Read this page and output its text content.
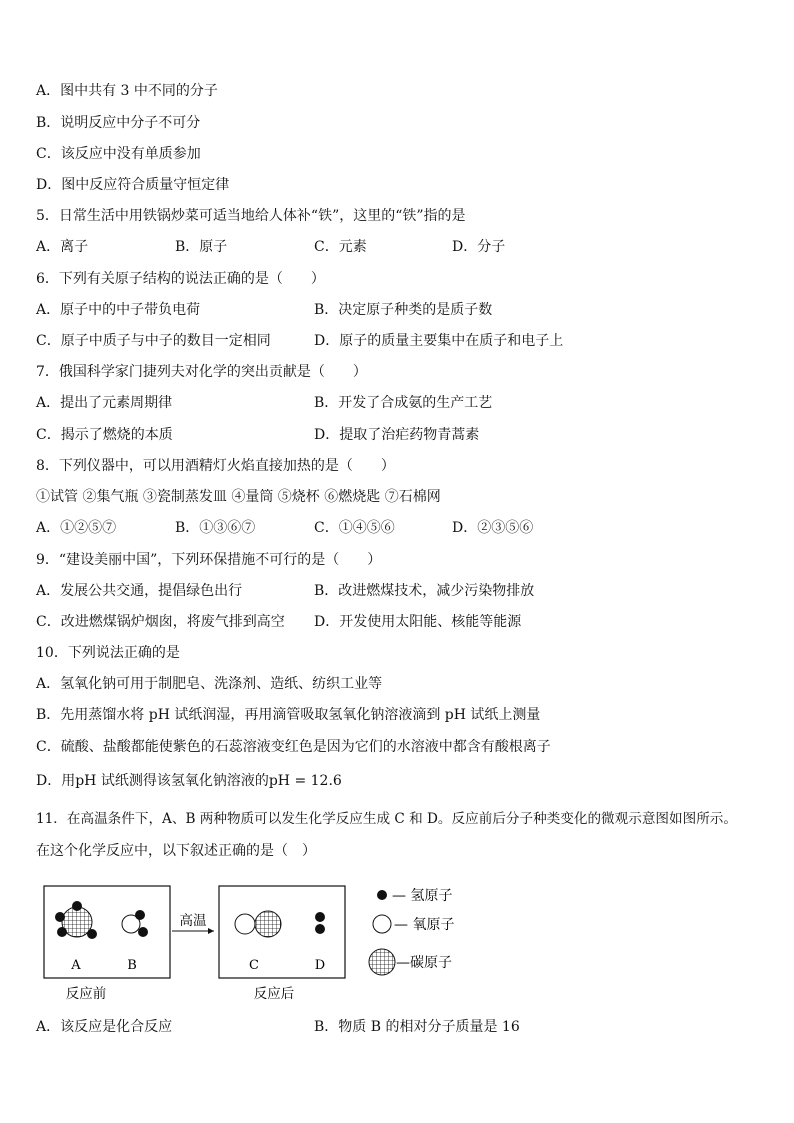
A．图中共有 3 中不同的分子
B．说明反应中分子不可分
C．该反应中没有单质参加
D．图中反应符合质量守恒定律
5．日常生活中用铁锅炒菜可适当地给人体补“铁”，这里的“铁”指的是
A．离子	B．原子	C．元素	D．分子
6．下列有关原子结构的说法正确的是（　　）
A．原子中的中子带负电荷	B．决定原子种类的是质子数
C．原子中质子与中子的数目一定相同	D．原子的质量主要集中在质子和电子上
7．俄国科学家门捷列夫对化学的突出贡献是（　　）
A．提出了元素周期律	B．开发了合成氨的生产工艺
C．揭示了燃烧的本质	D．提取了治疟药物青蒿素
8．下列仪器中，可以用酒精灯火焰直接加热的是（　　）
①试管 ②集气瓶 ③瓷制蒸发皿 ④量筒 ⑤烧杯 ⑥燃烧匙 ⑦石棉网
A．①②⑤⑦	B．①③⑥⑦	C．①④⑤⑥	D．②③⑤⑥
9．“建设美丽中国”，下列环保措施不可行的是（　　）
A．发展公共交通，提倡绿色出行	B．改进燃煤技术，减少污染物排放
C．改进燃煤锅炉烟囱，将废气排到高空 D．开发使用太阳能、核能等能源
10．下列说法正确的是
A．氢氧化钠可用于制肥皂、洗涤剂、造纸、纺织工业等
B．先用蒸馏水将 pH 试纸润湿，再用滴管吸取氢氧化钠溶液滴到 pH 试纸上测量
C．硫酸、盐酸都能使紫色的石蕊溶液变红色是因为它们的水溶液中都含有酸根离子
D．用pH 试纸测得该氢氧化钠溶液的pH = 12.6
11．在高温条件下，A、B 两种物质可以发生化学反应生成 C 和 D。反应前后分子种类变化的微观示意图如图所示。
在这个化学反应中，以下叙述正确的是（　）
A	B
反应前
高温
C	D
反应后
— 氢原子
— 氧原子
—碳原子
A．该反应是化合反应	B．物质 B 的相对分子质量是 16
